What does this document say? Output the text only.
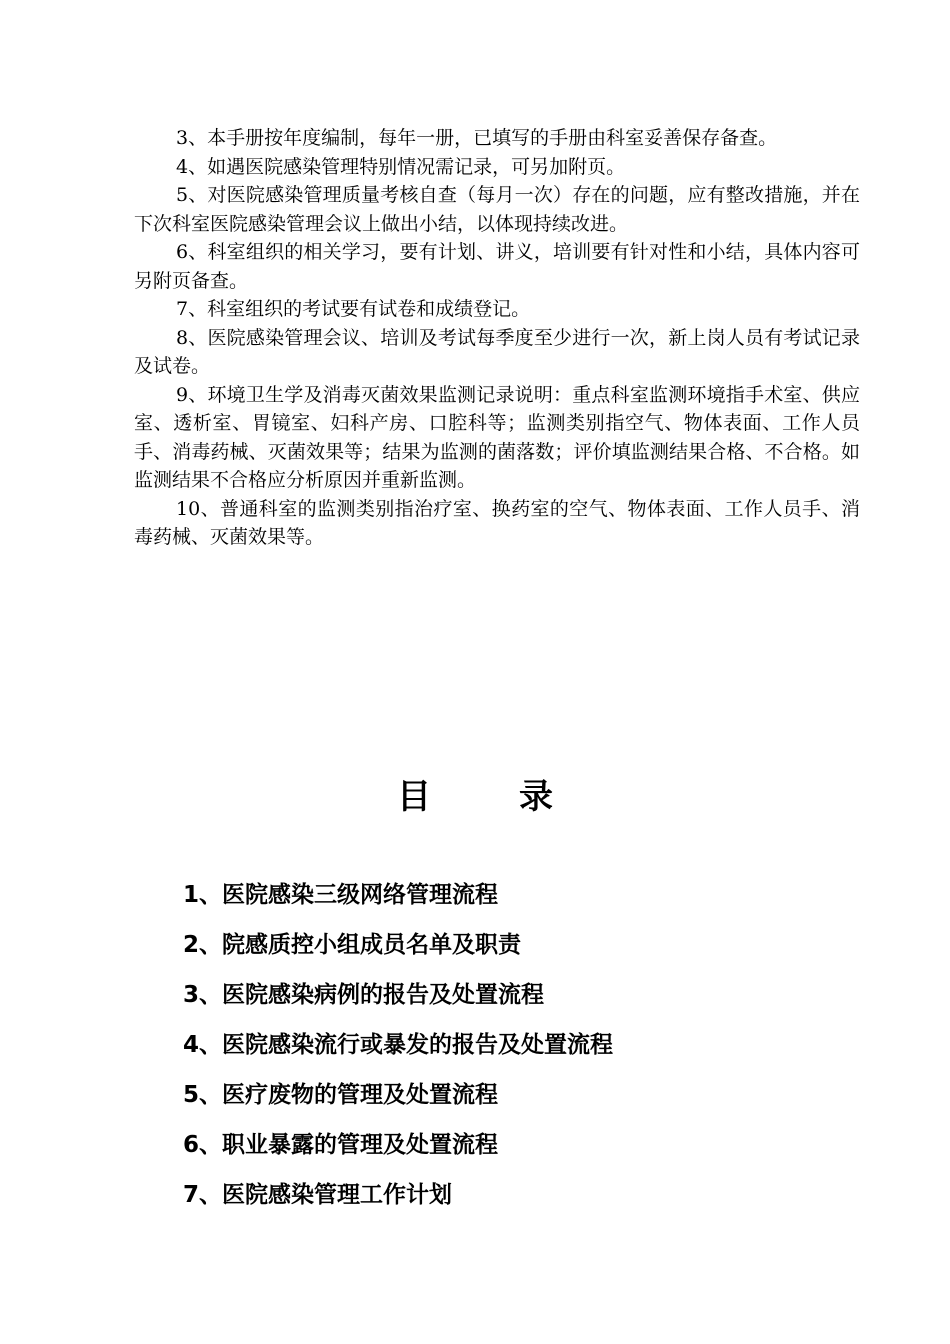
3、本手册按年度编制，每年一册，已填写的手册由科室妥善保存备查。

4、如遇医院感染管理特别情况需记录，可另加附页。

5、对医院感染管理质量考核自查（每月一次）存在的问题，应有整改措施，并在下次科室医院感染管理会议上做出小结，以体现持续改进。

6、科室组织的相关学习，要有计划、讲义，培训要有针对性和小结，具体内容可另附页备查。

7、科室组织的考试要有试卷和成绩登记。

8、医院感染管理会议、培训及考试每季度至少进行一次，新上岗人员有考试记录及试卷。

9、环境卫生学及消毒灭菌效果监测记录说明：重点科室监测环境指手术室、供应室、透析室、胃镜室、妇科产房、口腔科等；监测类别指空气、物体表面、工作人员手、消毒药械、灭菌效果等；结果为监测的菌落数；评价填监测结果合格、不合格。如监测结果不合格应分析原因并重新监测。

10、普通科室的监测类别指治疗室、换药室的空气、物体表面、工作人员手、消毒药械、灭菌效果等。

目	录
1、医院感染三级网络管理流程
2、院感质控小组成员名单及职责
3、医院感染病例的报告及处置流程
4、医院感染流行或暴发的报告及处置流程
5、医疗废物的管理及处置流程
6、职业暴露的管理及处置流程
7、医院感染管理工作计划
